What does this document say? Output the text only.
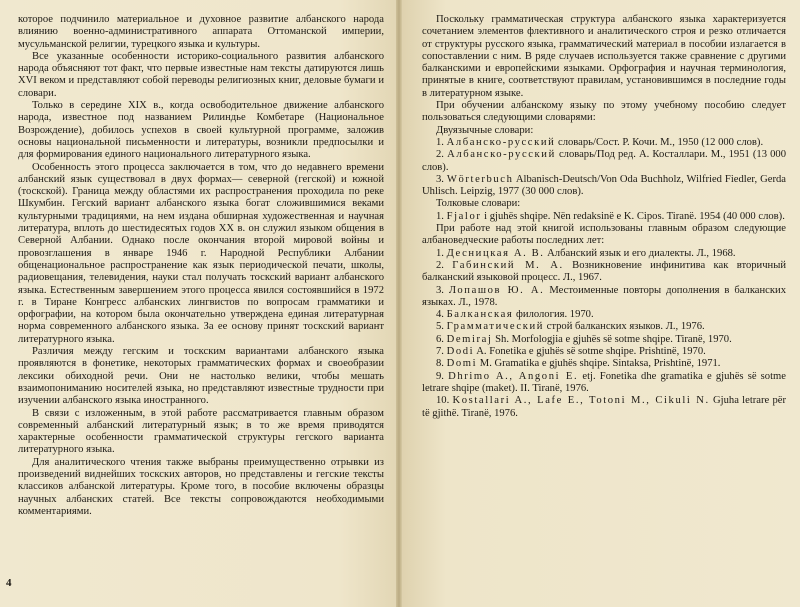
которое подчинило материальное и духовное развитие албанского народа влиянию военно-административного аппарата Оттоманской империи, мусульманской религии, турецкого языка и культуры.

Все указанные особенности историко-социального развития албанского народа объясняют тот факт, что первые известные нам тексты датируются лишь XVI веком и представляют собой переводы религиозных книг, деловые бумаги и словари.

Только в середине XIX в., когда освободительное движение албанского народа, известное под названием Рилиндье Комбетаре (Национальное Возрождение), добилось успехов в своей культурной программе, заложив основы национальной письменности и литературы, возникли предпосылки и для формирования единого национального литературного языка.

Особенность этого процесса заключается в том, что до недавнего времени албанский язык существовал в двух формах— северной (гегской) и южной (тоскской). Граница между областями их распространения проходила по реке Шкумбин. Гегский вариант албанского языка богат сложившимися веками культурными традициями, на нем издана обширная художественная и научная литература, вплоть до шестидесятых годов XX в. он служил языком общения в Северной Албании. Однако после окончания второй мировой войны и провозглашения в январе 1946 г. Народной Республики Албании общенациональное распространение как язык периодической печати, школы, радиовещания, телевидения, науки стал получать тоскский вариант албанского языка. Естественным завершением этого процесса явился состоявшийся в 1972 г. в Тиране Конгресс албанских лингвистов по вопросам грамматики и орфографии, на котором была окончательно утверждена единая литературная норма современного албанского языка. За ее основу принят тоскский вариант литературного языка.

Различия между гегским и тоскским вариантами албанского языка проявляются в фонетике, некоторых грамматических формах и своеобразии лексики обиходной речи. Они не настолько велики, чтобы мешать взаимопониманию носителей языка, но представляют известные трудности при изучении албанского языка иностранного.

В связи с изложенным, в этой работе рассматривается главным образом современный албанский литературный язык; в то же время приводятся характерные особенности грамматической структуры гегского варианта литературного языка.

Для аналитического чтения также выбраны преимущественно отрывки из произведений виднейших тоскских авторов, но представлены и гегские тексты классиков албанской литературы. Кроме того, в пособие включены образцы научных албанских статей. Все тексты сопровождаются необходимыми комментариями.

4

Поскольку грамматическая структура албанского языка характеризуется сочетанием элементов флективного и аналитического строя и резко отличается от структуры русского языка, грамматический материал в пособии излагается в сопоставлении с ним. В ряде случаев используется также сравнение с другими балканскими и европейскими языками. Орфография и научная терминология, принятые в книге, соответствуют правилам, установившимся в последние годы в литературном языке.

При обучении албанскому языку по этому учебному пособию следует пользоваться следующими словарями:

Двуязычные словари:

1. Албанско-русский словарь/Сост. Р. Кочи. М., 1950 (12 000 слов).

2. Албанско-русский словарь/Под ред. А. Косталлари. М., 1951 (13 000 слов).

3. Wörterbuch Albanisch-Deutsch/Von Oda Buchholz, Wilfried Fiedler, Gerda Uhlisch. Leipzig, 1977 (30 000 слов).

Толковые словари:

1. Fjalor i gjuhës shqipe. Nën redaksinë e K. Cipos. Tiranë. 1954 (40 000 слов).

При работе над этой книгой использованы главным образом следующие албановедческие работы последних лет:

1. Десницкая А. В. Албанский язык и его диалекты. Л., 1968.

2. Габинский М. А. Возникновение инфинитива как вторичный балканский языковой процесс. Л., 1967.

3. Лопашов Ю. А. Местоименные повторы дополнения в балканских языках. Л., 1978.

4. Балканская филология. 1970.

5. Грамматический строй балканских языков. Л., 1976.

6. Demiraj Sh. Morfologjia e gjuhës së sotme shqipe. Tiranë, 1970.

7. Dodi A. Fonetika e gjuhës së sotme shqipe. Prishtinë, 1970.

8. Domi M. Gramatika e gjuhës shqipe. Sintaksa, Prishtinë, 1971.

9. Dhrimo A., Angoni E. etj. Fonetika dhe gramatika e gjuhës së sotme letrare shqipe (maket). II. Tiranë, 1976.

10. Kostallari A., Lafe E., Totoni M., Cikuli N. Gjuha letrare për të gjithë. Tiranë, 1976.
